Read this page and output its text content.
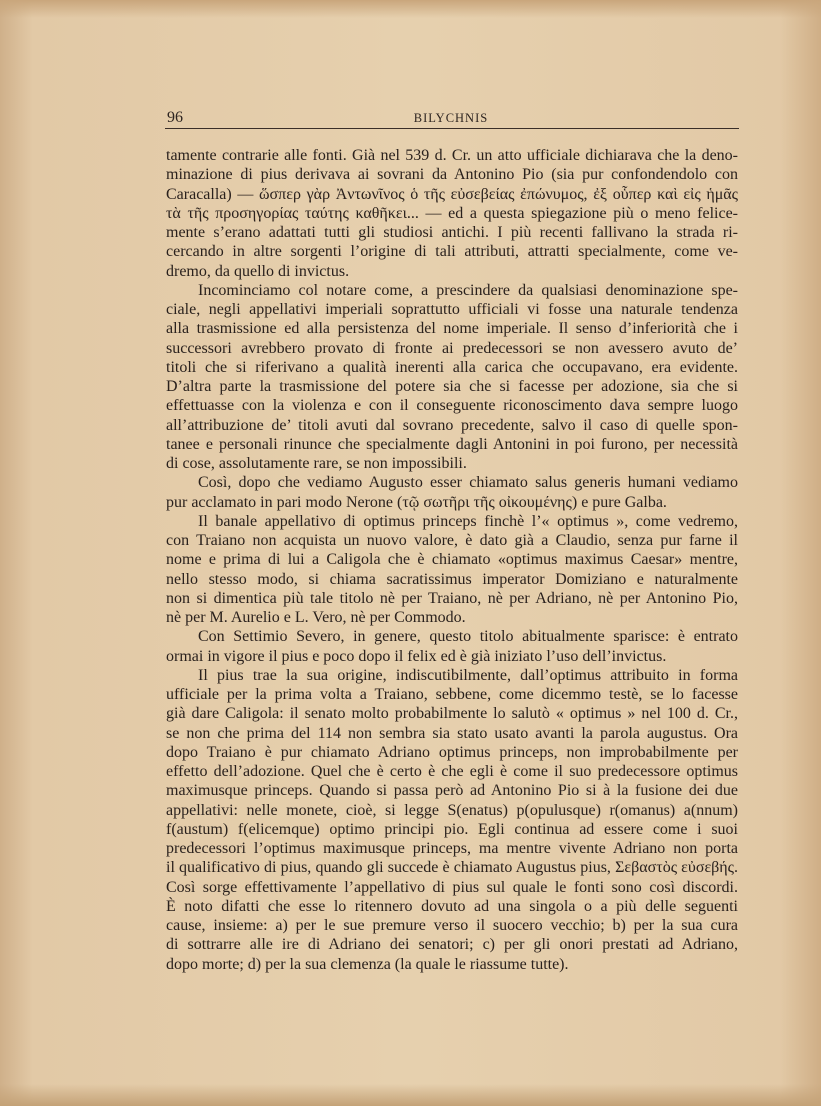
96	BILYCHNIS
tamente contrarie alle fonti. Già nel 539 d. Cr. un atto ufficiale dichiarava che la deno-
minazione di pius derivava ai sovrani da Antonino Pio (sia pur confondendolo con
Caracalla) — ὥσπερ γὰρ Ἀντωνῖνος ὁ τῆς εὐσεβείας ἐπώνυμος, ἐξ οὗπερ καὶ εἰς ἡμᾶς
τὰ τῆς προσηγορίας ταύτης καθῆκει... — ed a questa spiegazione più o meno felice-
mente s’erano adattati tutti gli studiosi antichi. I più recenti fallivano la strada ri-
cercando in altre sorgenti l’origine di tali attributi, attratti specialmente, come ve-
dremo, da quello di invictus.
Incominciamo col notare come, a prescindere da qualsiasi denominazione spe-
ciale, negli appellativi imperiali soprattutto ufficiali vi fosse una naturale tendenza
alla trasmissione ed alla persistenza del nome imperiale. Il senso d’inferiorità che i
successori avrebbero provato di fronte ai predecessori se non avessero avuto de’
titoli che si riferivano a qualità inerenti alla carica che occupavano, era evidente.
D’altra parte la trasmissione del potere sia che si facesse per adozione, sia che si
effettuasse con la violenza e con il conseguente riconoscimento dava sempre luogo
all’attribuzione de’ titoli avuti dal sovrano precedente, salvo il caso di quelle spon-
tanee e personali rinunce che specialmente dagli Antonini in poi furono, per necessità
di cose, assolutamente rare, se non impossibili.
Così, dopo che vediamo Augusto esser chiamato salus generis humani vediamo
pur acclamato in pari modo Nerone (τῷ σωτῆρι τῆς οἰκουμένης) e pure Galba.
Il banale appellativo di optimus princeps finchè l’« optimus », come vedremo,
con Traiano non acquista un nuovo valore, è dato già a Claudio, senza pur farne il
nome e prima di lui a Caligola che è chiamato «optimus maximus Caesar» mentre,
nello stesso modo, si chiama sacratissimus imperator Domiziano e naturalmente
non si dimentica più tale titolo nè per Traiano, nè per Adriano, nè per Antonino Pio,
nè per M. Aurelio e L. Vero, nè per Commodo.
Con Settimio Severo, in genere, questo titolo abitualmente sparisce: è entrato
ormai in vigore il pius e poco dopo il felix ed è già iniziato l’uso dell’invictus.
Il pius trae la sua origine, indiscutibilmente, dall’optimus attribuito in forma
ufficiale per la prima volta a Traiano, sebbene, come dicemmo testè, se lo facesse
già dare Caligola: il senato molto probabilmente lo salutò « optimus » nel 100 d. Cr.,
se non che prima del 114 non sembra sia stato usato avanti la parola augustus. Ora
dopo Traiano è pur chiamato Adriano optimus princeps, non improbabilmente per
effetto dell’adozione. Quel che è certo è che egli è come il suo predecessore optimus
maximusque princeps. Quando si passa però ad Antonino Pio si à la fusione dei due
appellativi: nelle monete, cioè, si legge S(enatus) p(opulusque) r(omanus) a(nnum)
f(austum) f(elicemque) optimo principi pio. Egli continua ad essere come i suoi
predecessori l’optimus maximusque princeps, ma mentre vivente Adriano non porta
il qualificativo di pius, quando gli succede è chiamato Augustus pius, Σεβαστὸς εὐσεβής.
Così sorge effettivamente l’appellativo di pius sul quale le fonti sono così discordi.
È noto difatti che esse lo ritennero dovuto ad una singola o a più delle seguenti
cause, insieme: a) per le sue premure verso il suocero vecchio; b) per la sua cura
di sottrarre alle ire di Adriano dei senatori; c) per gli onori prestati ad Adriano,
dopo morte; d) per la sua clemenza (la quale le riassume tutte).
